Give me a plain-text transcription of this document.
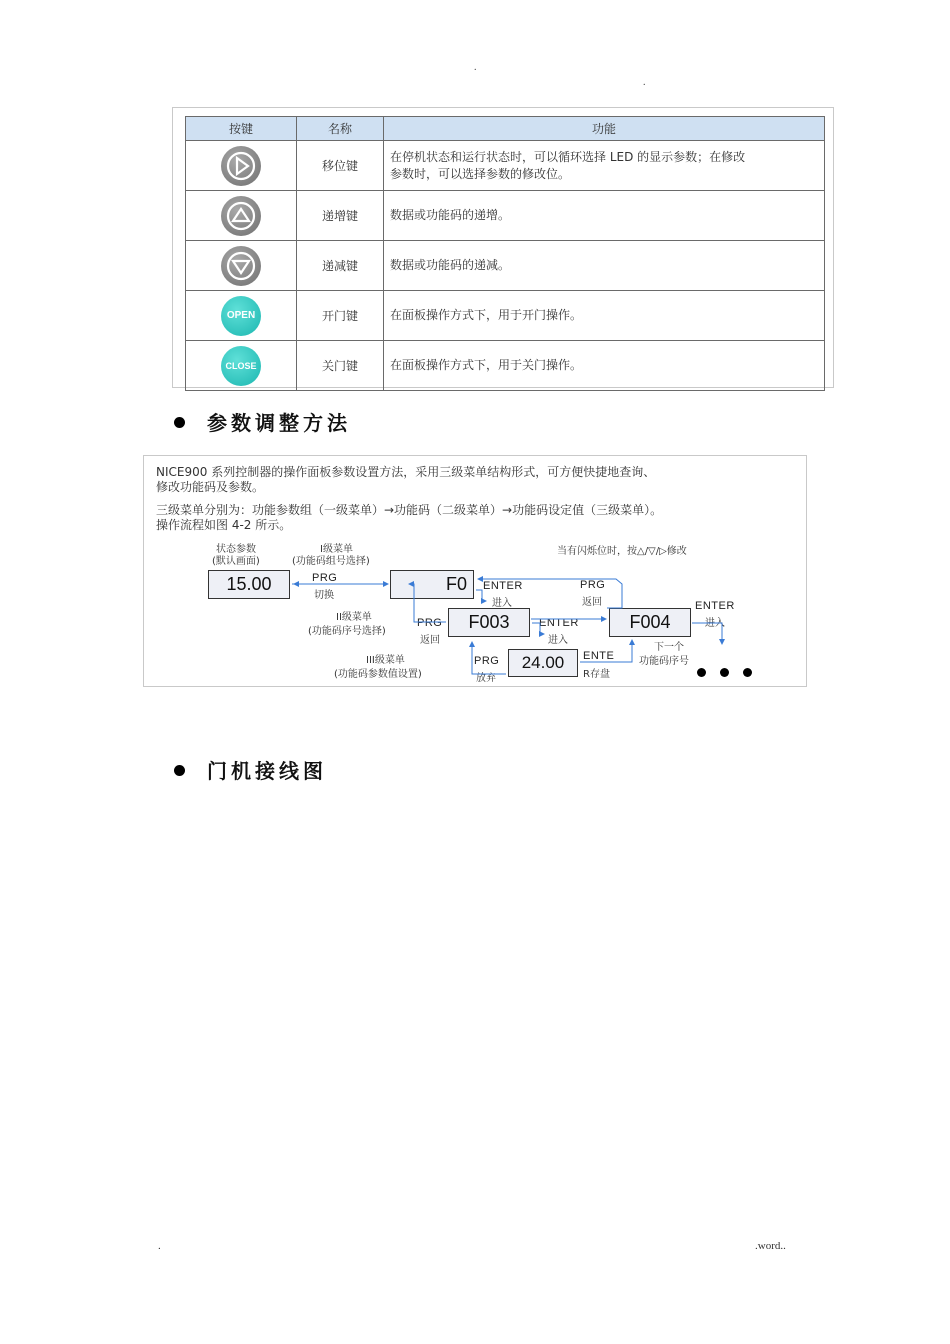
.
.
按键	名称	功能

	移位键	在停机状态和运行状态时，可以循环选择 LED 的显示参数；在修改
参数时，可以选择参数的修改位。

	递增键	数据或功能码的递增。

	递减键	数据或功能码的递减。
OPEN	开门键	在面板操作方式下，用于开门操作。
CLOSE	关门键	在面板操作方式下，用于关门操作。
参数调整方法
NICE900 系列控制器的操作面板参数设置方法，采用三级菜单结构形式，可方便快捷地查询、
修改功能码及参数。
三级菜单分别为：功能参数组（一级菜单）→功能码（二级菜单）→功能码设定值（三级菜单）。
操作流程如图 4-2 所示。
状态参数
(默认画面)
I级菜单
(功能码组号选择)
当有闪烁位时，按△/▽/▷修改
15.00	F0
F003	F004
24.00
PRG
切换
ENTER
进入
PRG
返回
II级菜单
(功能码序号选择)
PRG
返回
ENTER
进入
ENTER
进入
III级菜单
(功能码参数值设置)
PRG
放弃
ENTE
R存盘
下一个
功能码序号
门机接线图
.	.word..
